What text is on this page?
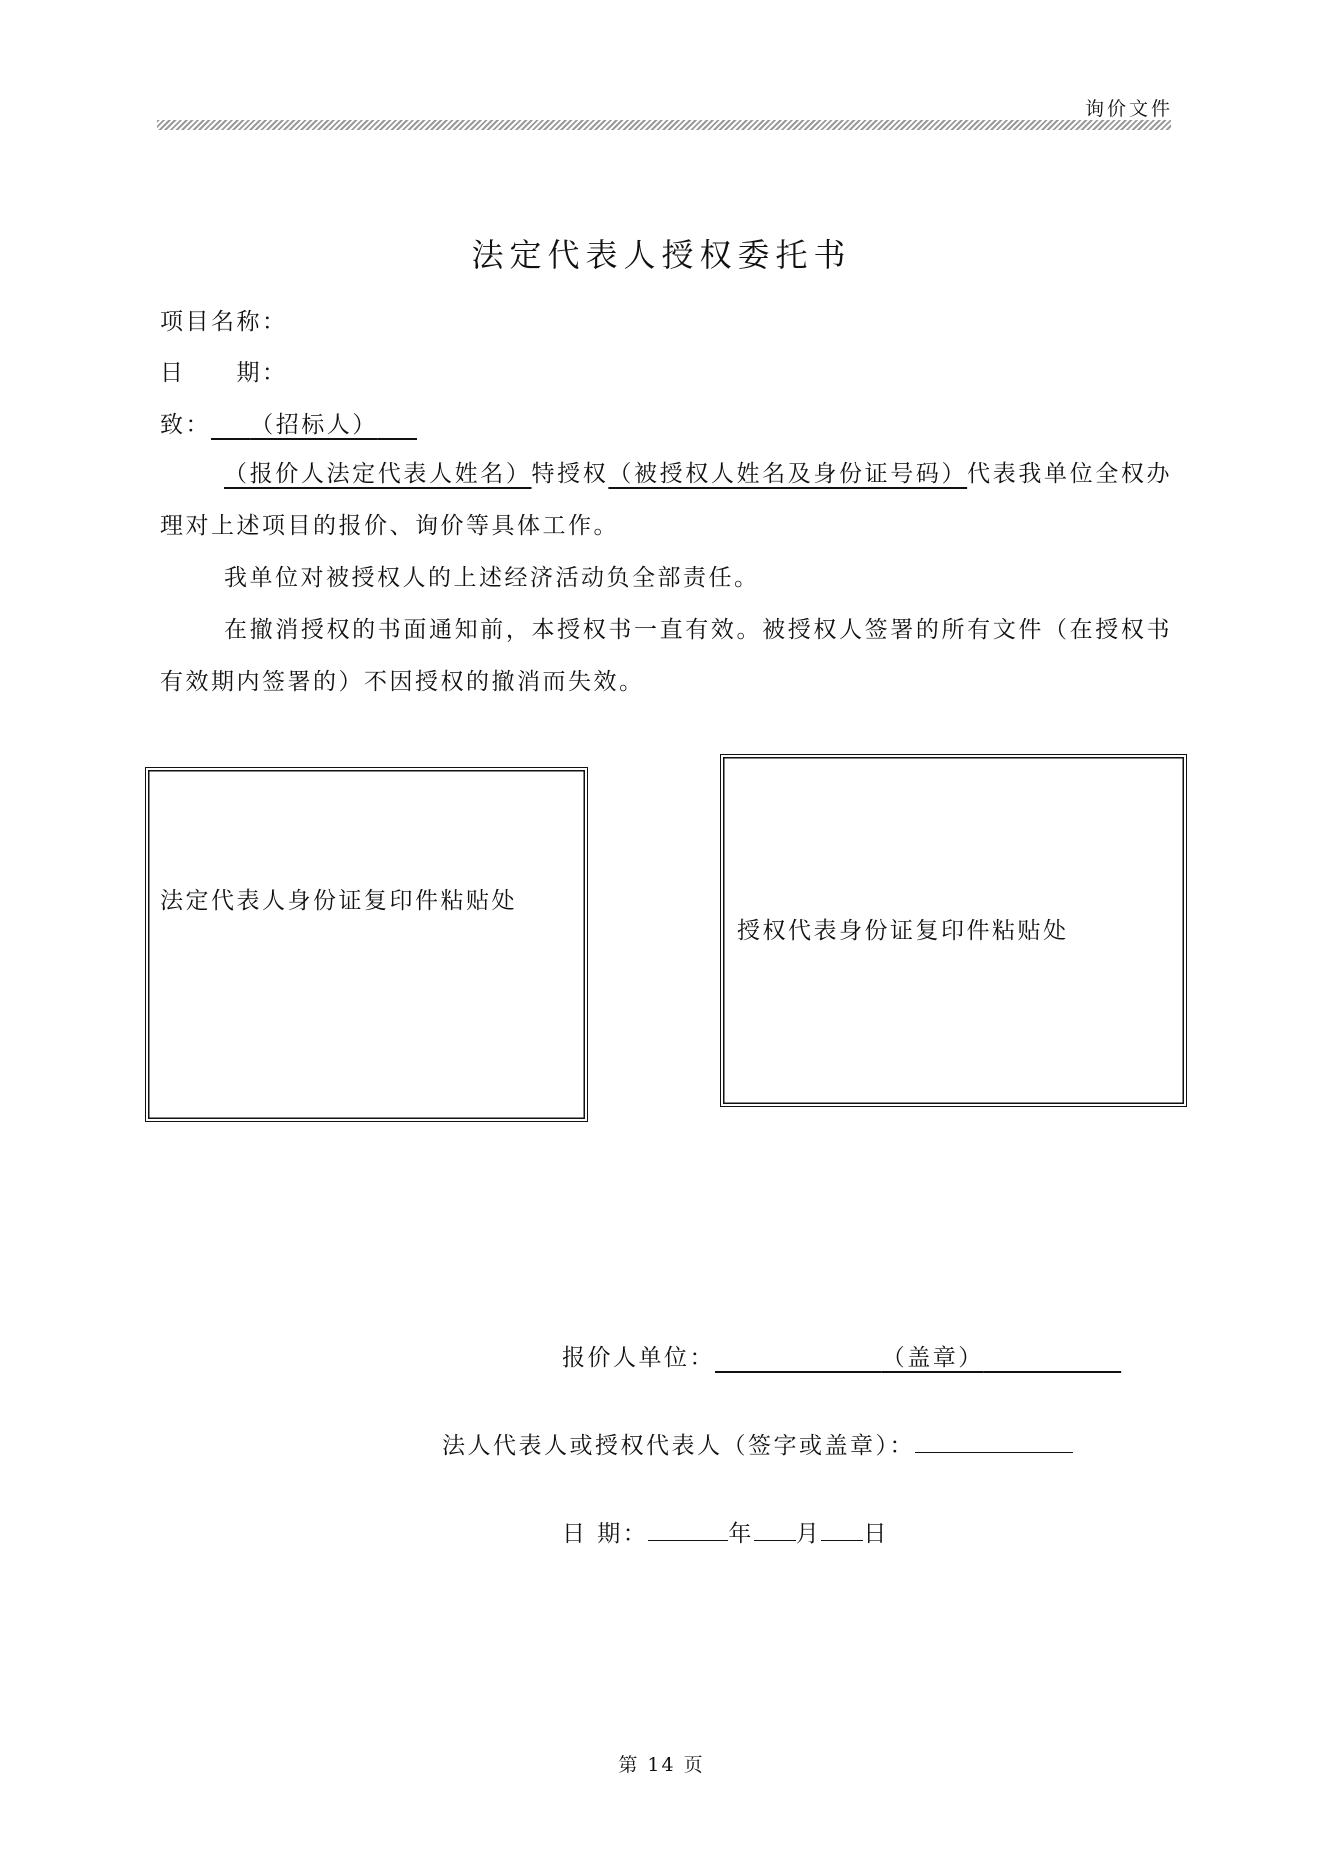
询价文件
法定代表人授权委托书
项目名称：
日　　期：
致： （招标人）
（报价人法定代表人姓名）特授权（被授权人姓名及身份证号码）代表我单位全权办理对上述项目的报价、询价等具体工作。
我单位对被授权人的上述经济活动负全部责任。
在撤消授权的书面通知前，本授权书一直有效。被授权人签署的所有文件（在授权书有效期内签署的）不因授权的撤消而失效。
法定代表人身份证复印件粘贴处
授权代表身份证复印件粘贴处
报价人单位：	（盖章）
法人代表人或授权代表人（签字或盖章）：
日 期：	年 月 日
第 14 页
